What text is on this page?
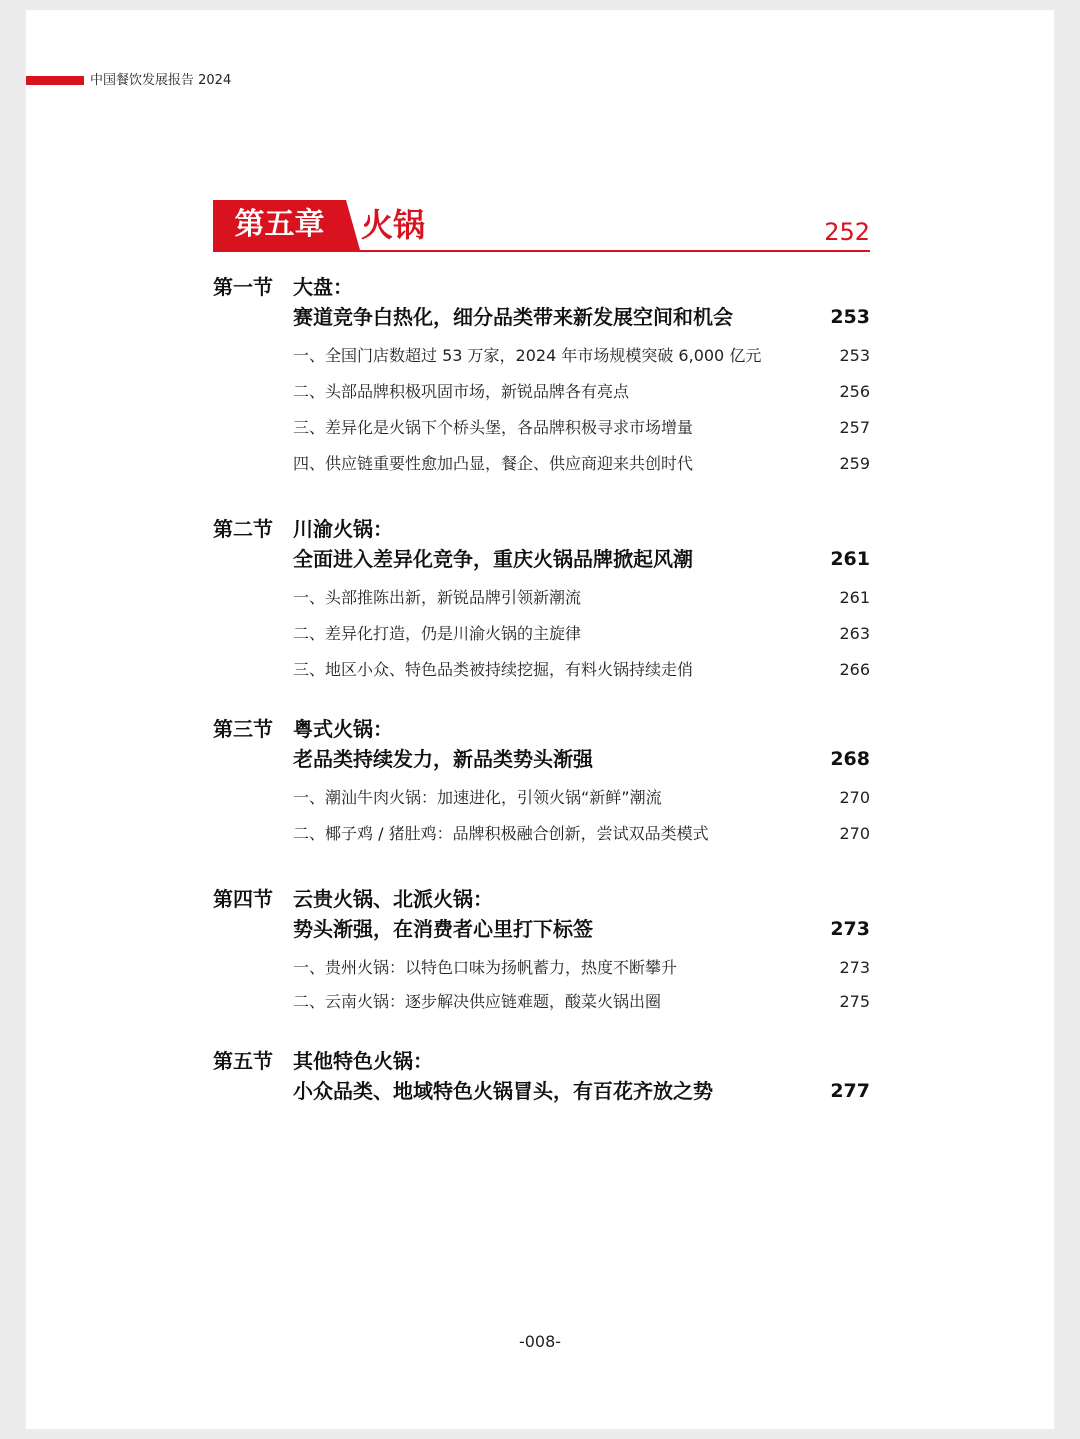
中国餐饮发展报告 2024
第五章	火锅	252
第一节 大盘：
赛道竞争白热化，细分品类带来新发展空间和机会	253
一、全国门店数超过 53 万家，2024 年市场规模突破 6,000 亿元	253
二、头部品牌积极巩固市场，新锐品牌各有亮点	256
三、差异化是火锅下个桥头堡，各品牌积极寻求市场增量	257
四、供应链重要性愈加凸显，餐企、供应商迎来共创时代	259
第二节 川渝火锅：
全面进入差异化竞争，重庆火锅品牌掀起风潮	261
一、头部推陈出新，新锐品牌引领新潮流	261
二、差异化打造，仍是川渝火锅的主旋律	263
三、地区小众、特色品类被持续挖掘，有料火锅持续走俏	266
第三节 粤式火锅：
老品类持续发力，新品类势头渐强	268
一、潮汕牛肉火锅：加速进化，引领火锅“新鲜”潮流	270
二、椰子鸡 / 猪肚鸡：品牌积极融合创新，尝试双品类模式	270
第四节 云贵火锅、北派火锅：
势头渐强，在消费者心里打下标签	273
一、贵州火锅：以特色口味为扬帆蓄力，热度不断攀升	273
二、云南火锅：逐步解决供应链难题，酸菜火锅出圈	275
第五节 其他特色火锅：
小众品类、地域特色火锅冒头，有百花齐放之势	277
-008-
